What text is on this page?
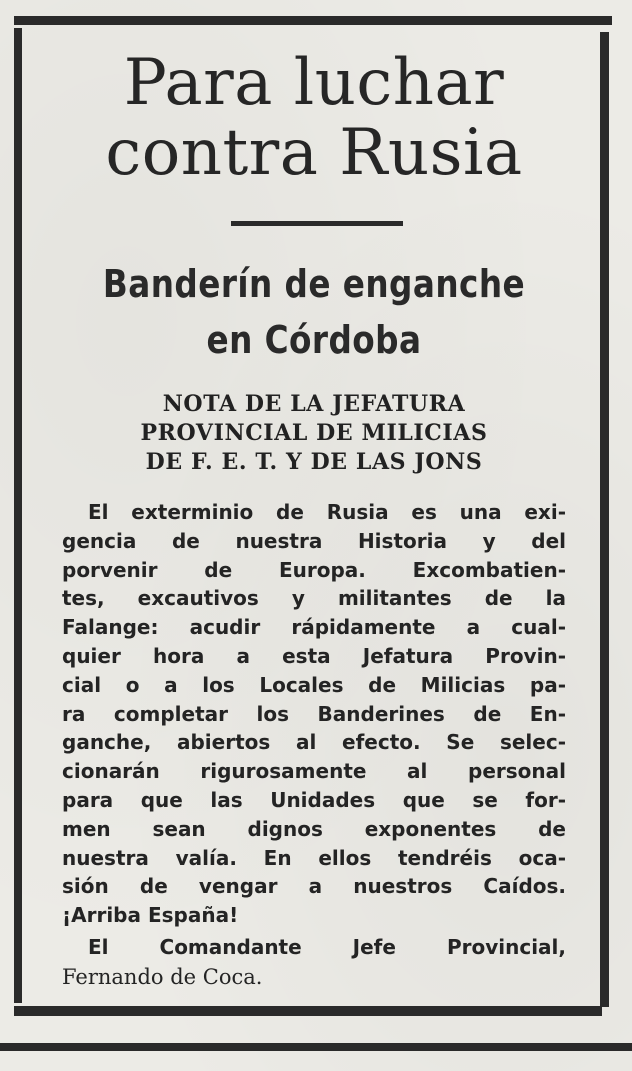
Para luchar
contra Rusia
Banderín de enganche
en Córdoba
NOTA DE LA JEFATURA
PROVINCIAL DE MILICIAS
DE F. E. T. Y DE LAS JONS

El exterminio de Rusia es una exi-
gencia de nuestra Historia y del
porvenir de Europa. Excombatien-
tes, excautivos y militantes de la
Falange: acudir rápidamente a cual-
quier hora a esta Jefatura Provin-
cial o a los Locales de Milicias pa-
ra completar los Banderines de En-
ganche, abiertos al efecto. Se selec-
cionarán rigurosamente al personal
para que las Unidades que se for-
men sean dignos exponentes de
nuestra valía. En ellos tendréis oca-
sión de vengar a nuestros Caídos.
¡Arriba España!

El Comandante Jefe Provincial,
Fernando de Coca.
